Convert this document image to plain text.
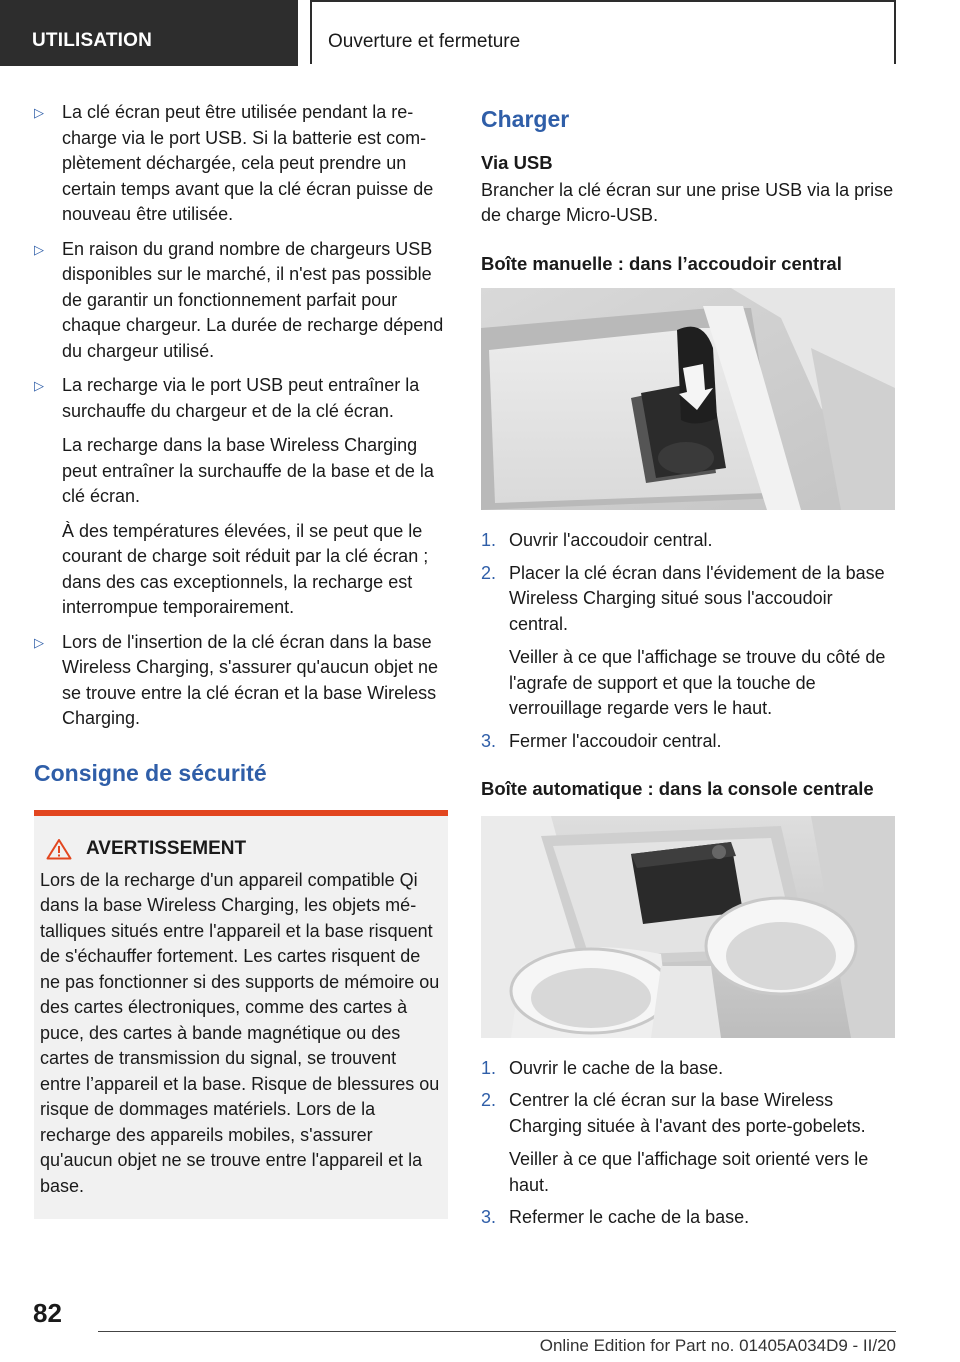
UTILISATION	Ouverture et fermeture
▷ La clé écran peut être utilisée pendant la recharge via le port USB. Si la batterie est complètement déchargée, cela peut prendre un certain temps avant que la clé écran puisse de nouveau être utilisée.

▷ En raison du grand nombre de chargeurs USB disponibles sur le marché, il n'est pas possible de garantir un fonctionnement parfait pour chaque chargeur. La durée de recharge dépend du chargeur utilisé.

▷ La recharge via le port USB peut entraîner la surchauffe du chargeur et de la clé écran.

La recharge dans la base Wireless Charging peut entraîner la surchauffe de la base et de la clé écran.

À des températures élevées, il se peut que le courant de charge soit réduit par la clé écran ; dans des cas exceptionnels, la recharge est interrompue temporairement.

▷ Lors de l'insertion de la clé écran dans la base Wireless Charging, s'assurer qu'aucun objet ne se trouve entre la clé écran et la base Wireless Charging.

Consigne de sécurité
AVERTISSEMENT

Lors de la recharge d'un appareil compatible Qi dans la base Wireless Charging, les objets métalliques situés entre l'appareil et la base risquent de s'échauffer fortement. Les cartes risquent de ne pas fonctionner si des supports de mémoire ou des cartes électroniques, comme des cartes à puce, des cartes à bande magnétique ou des cartes de transmission du signal, se trouvent entre l’appareil et la base. Risque de blessures ou risque de dommages matériels. Lors de la recharge des appareils mobiles, s'assurer qu'aucun objet ne se trouve entre l'appareil et la base.

Charger
Via USB

Brancher la clé écran sur une prise USB via la prise de charge Micro-USB.

Boîte manuelle : dans l’accoudoir central
1. Ouvrir l'accoudoir central.

2. Placer la clé écran dans l'évidement de la base Wireless Charging situé sous l'accoudoir central.

Veiller à ce que l'affichage se trouve du côté de l'agrafe de support et que la touche de verrouillage regarde vers le haut.

3. Fermer l'accoudoir central.

Boîte automatique : dans la console centrale
1. Ouvrir le cache de la base.

2. Centrer la clé écran sur la base Wireless Charging située à l'avant des porte-gobelets.

Veiller à ce que l'affichage soit orienté vers le haut.

3. Refermer le cache de la base.

82
Online Edition for Part no. 01405A034D9 - II/20
